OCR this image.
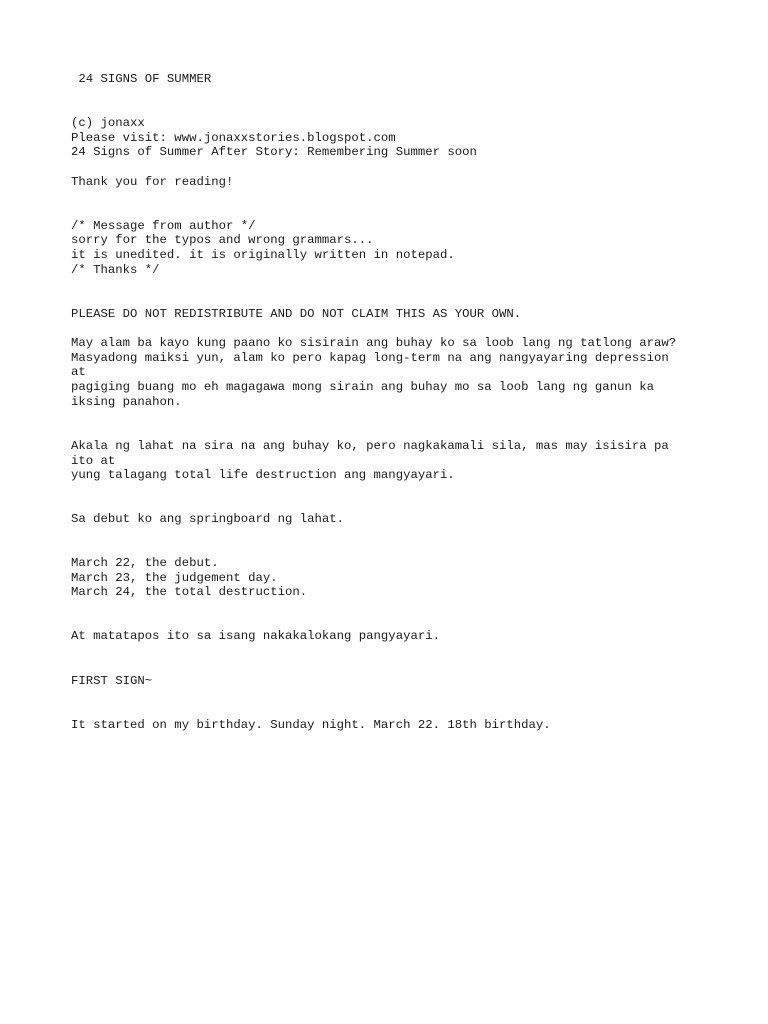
24 SIGNS OF SUMMER

(c) jonaxx

Please visit: www.jonaxxstories.blogspot.com

24 Signs of Summer After Story: Remembering Summer soon

Thank you for reading!

/* Message from author */

sorry for the typos and wrong grammars...

it is unedited. it is originally written in notepad.

/* Thanks */

PLEASE DO NOT REDISTRIBUTE AND DO NOT CLAIM THIS AS YOUR OWN.

May alam ba kayo kung paano ko sisirain ang buhay ko sa loob lang ng tatlong araw?

Masyadong maiksi yun, alam ko pero kapag long-term na ang nangyayaring depression

at

pagiging buang mo eh magagawa mong sirain ang buhay mo sa loob lang ng ganun ka

iksing panahon.

Akala ng lahat na sira na ang buhay ko, pero nagkakamali sila, mas may isisira pa

ito at

yung talagang total life destruction ang mangyayari.

Sa debut ko ang springboard ng lahat.

March 22, the debut.

March 23, the judgement day.

March 24, the total destruction.

At matatapos ito sa isang nakakalokang pangyayari.

FIRST SIGN~

It started on my birthday. Sunday night. March 22. 18th birthday.
